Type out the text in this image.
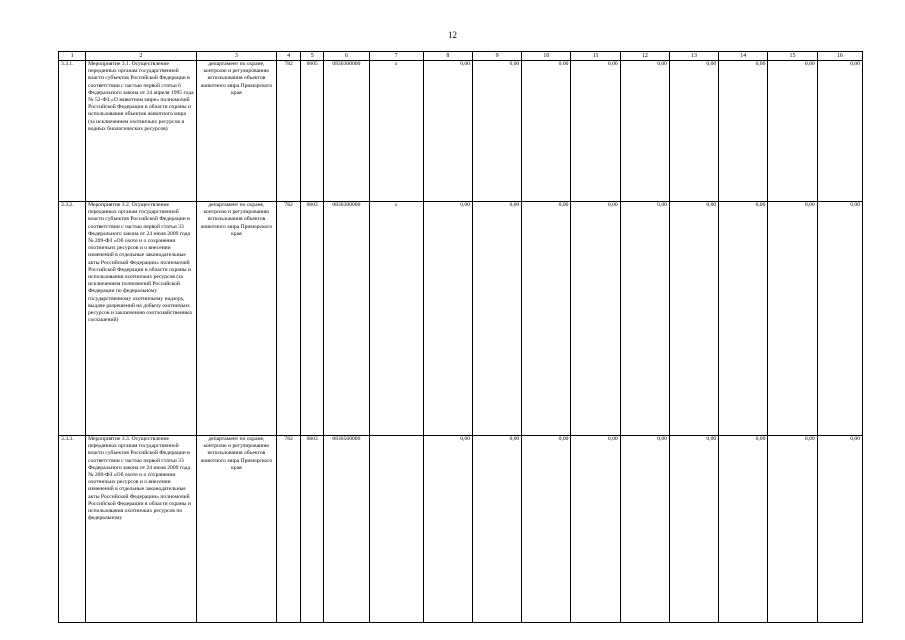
12
1	2	3	4	5	6	7	8	9	10	11	12	13	14	15	16
3.3.1.	Мероприятие 3.1. Осуществление переданных органам государственной власти субъектов Российской Федерации в соответствии с частью первой статьи 6 Федерального закона от 24 апреля 1995 года № 52-ФЗ «О животном мире» полномочий Российской Федерации в области охраны и использования объектов животного мира (за исключением охотничьих ресурсов и водных биологических ресурсов)	департамент по охране, контролю и регулированию использования объектов животного мира Приморского края	782	0605	0830300000	х	0,00	0,00	0,00	0,00	0,00	0,00	0,00	0,00	0,00
3.3.2.	Мероприятие 3.2. Осуществление переданных органам государственной власти субъектов Российской Федерации в соответствии с частью первой статьи 33 Федерального закона от 24 июля 2009 года № 209-ФЗ «Об охоте и о сохранении охотничьих ресурсов и о внесении изменений в отдельные законодательные акты Российской Федерации» полномочий Российской Федерации в области охраны и использования охотничьих ресурсов (за исключением полномочий Российской Федерации по федеральному государственному охотничьему надзору, выдаче разрешений на добычу охотничьих ресурсов и заключению охотхозяйственных соглашений)	департамент по охране, контролю и регулированию использования объектов животного мира Приморского края	782	0603	0830300000	х	0,00	0,00	0,00	0,00	0,00	0,00	0,00	0,00	0,00
3.3.3.	Мероприятие 3.3. Осуществление переданных органам государственной власти субъектов Российской Федерации в соответствии с частью первой статьи 33 Федерального закона от 24 июля 2009 года № 209-ФЗ «Об охоте и о сохранении охотничьих ресурсов и о внесении изменений в отдельные законодательные акты Российской Федерации» полномочий Российской Федерации в области охраны и использования охотничьих ресурсов по федеральному	департамент по охране, контролю и регулированию использования объектов животного мира Приморского края	782	0603	0830500000		0,00	0,00	0,00	0,00	0,00	0,00	0,00	0,00	0,00
